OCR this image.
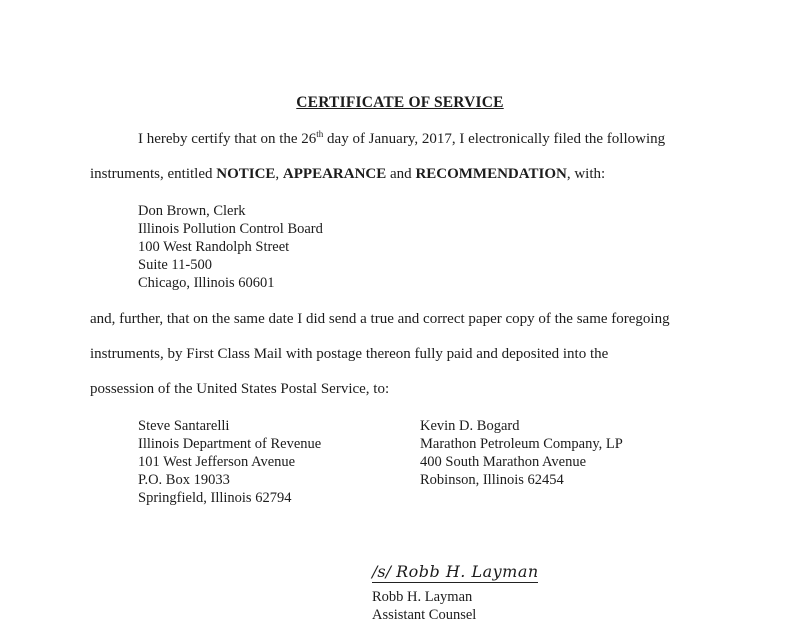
CERTIFICATE OF SERVICE
I hereby certify that on the 26th day of January, 2017, I electronically filed the following
instruments, entitled NOTICE, APPEARANCE and RECOMMENDATION, with:
Don Brown, Clerk
Illinois Pollution Control Board
100 West Randolph Street
Suite 11-500
Chicago, Illinois 60601
and, further, that on the same date I did send a true and correct paper copy of the same foregoing
instruments, by First Class Mail with postage thereon fully paid and deposited into the
possession of the United States Postal Service, to:
Steve Santarelli
Illinois Department of Revenue
101 West Jefferson Avenue
P.O. Box 19033
Springfield, Illinois 62794
Kevin D. Bogard
Marathon Petroleum Company, LP
400 South Marathon Avenue
Robinson, Illinois 62454
/s/ Robb H. Layman
Robb H. Layman
Assistant Counsel
